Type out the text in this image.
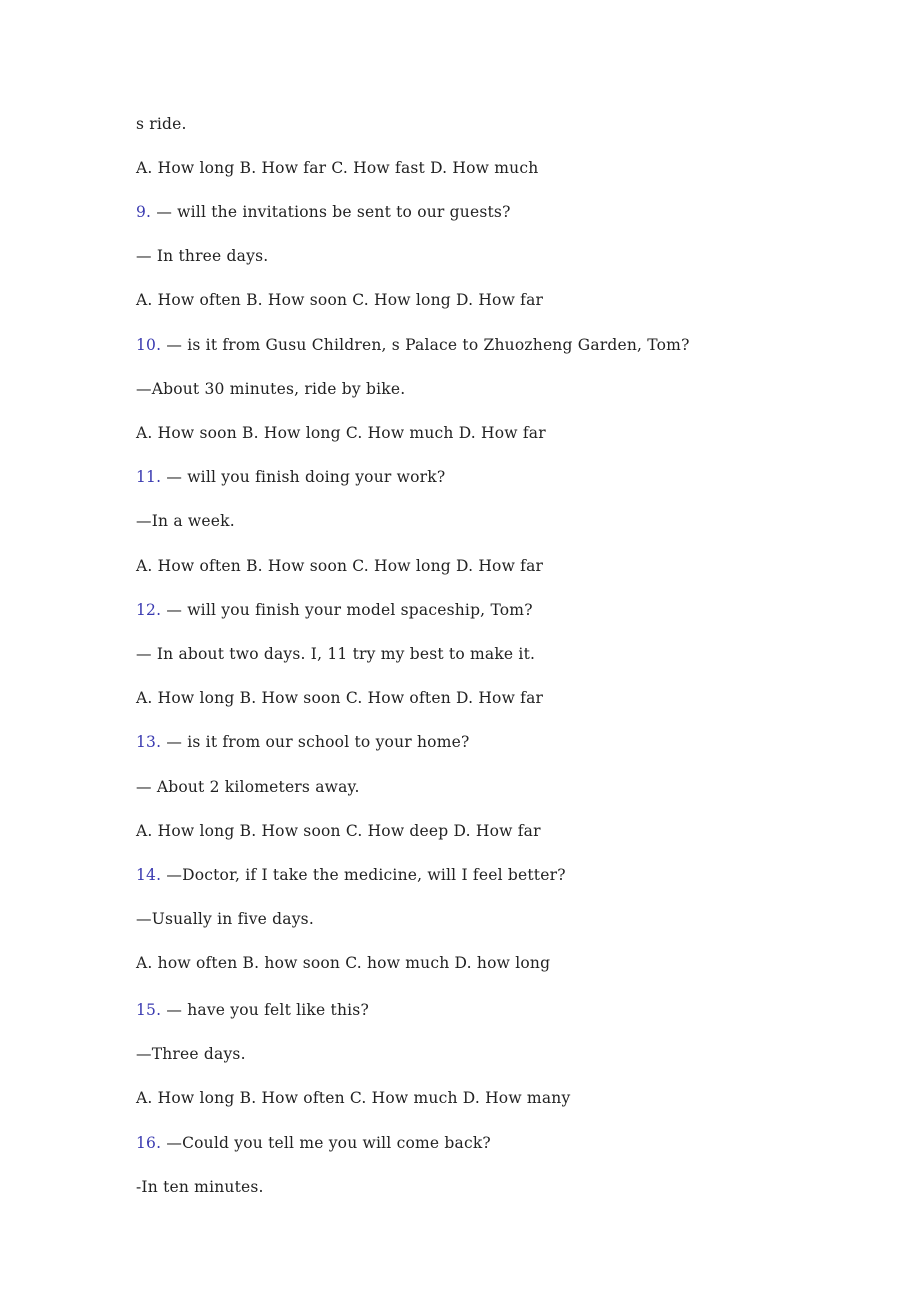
s ride.
A. How long B. How far C. How fast D. How much
9. — will the invitations be sent to our guests?
— In three days.
A. How often B. How soon C. How long D. How far
10. — is it from Gusu Children, s Palace to Zhuozheng Garden, Tom?
—About 30 minutes, ride by bike.
A. How soon B. How long C. How much D. How far
11. — will you finish doing your work?
—In a week.
A. How often B. How soon C. How long D. How far
12. — will you finish your model spaceship, Tom?
— In about two days. I, 11 try my best to make it.
A. How long B. How soon C. How often D. How far
13. — is it from our school to your home?
— About 2 kilometers away.
A. How long B. How soon C. How deep D. How far
14. —Doctor, if I take the medicine, will I feel better?
—Usually in five days.
A. how often B. how soon C. how much D. how long
15. — have you felt like this?
—Three days.
A. How long B. How often C. How much D. How many
16. —Could you tell me you will come back?
-In ten minutes.
